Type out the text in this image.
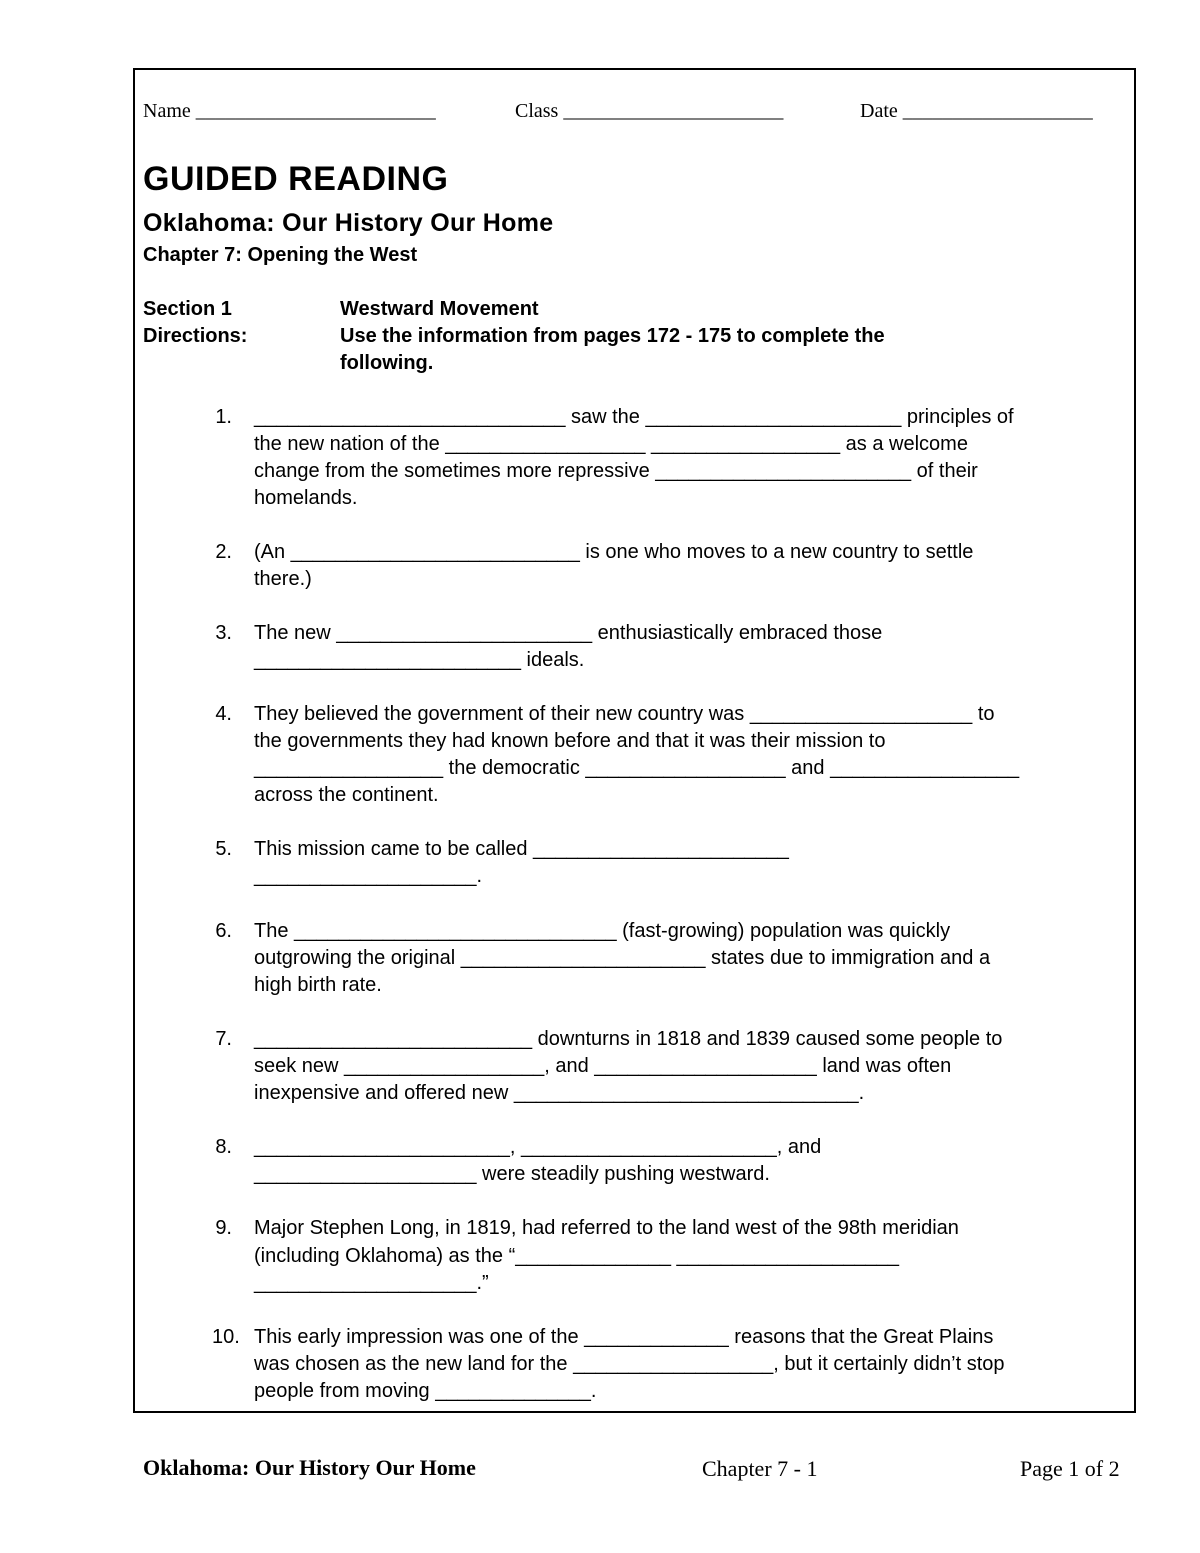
Name ________________________	Class ______________________	Date ___________________
GUIDED READING
Oklahoma: Our History Our Home
Chapter 7: Opening the West
Section 1	Westward Movement
Directions:	Use the information from pages 172 - 175 to complete the
following.
1. ____________________________ saw the _______________________ principles of
the new nation of the __________________ _________________ as a welcome
change from the sometimes more repressive _______________________ of their
homelands.
2. (An __________________________ is one who moves to a new country to settle
there.)
3. The new _______________________ enthusiastically embraced those
________________________ ideals.
4. They believed the government of their new country was ____________________ to
the governments they had known before and that it was their mission to
_________________ the democratic __________________ and _________________
across the continent.
5. This mission came to be called _______________________
____________________.
6. The _____________________________ (fast-growing) population was quickly
outgrowing the original ______________________ states due to immigration and a
high birth rate.
7. _________________________ downturns in 1818 and 1839 caused some people to
seek new __________________, and ____________________ land was often
inexpensive and offered new _______________________________.
8. _______________________, _______________________, and
____________________ were steadily pushing westward.
9. Major Stephen Long, in 1819, had referred to the land west of the 98th meridian
(including Oklahoma) as the “______________ ____________________
____________________.”
10. This early impression was one of the _____________ reasons that the Great Plains
was chosen as the new land for the __________________, but it certainly didn’t stop
people from moving ______________.
Oklahoma: Our History Our Home	Chapter 7 - 1	Page 1 of 2
